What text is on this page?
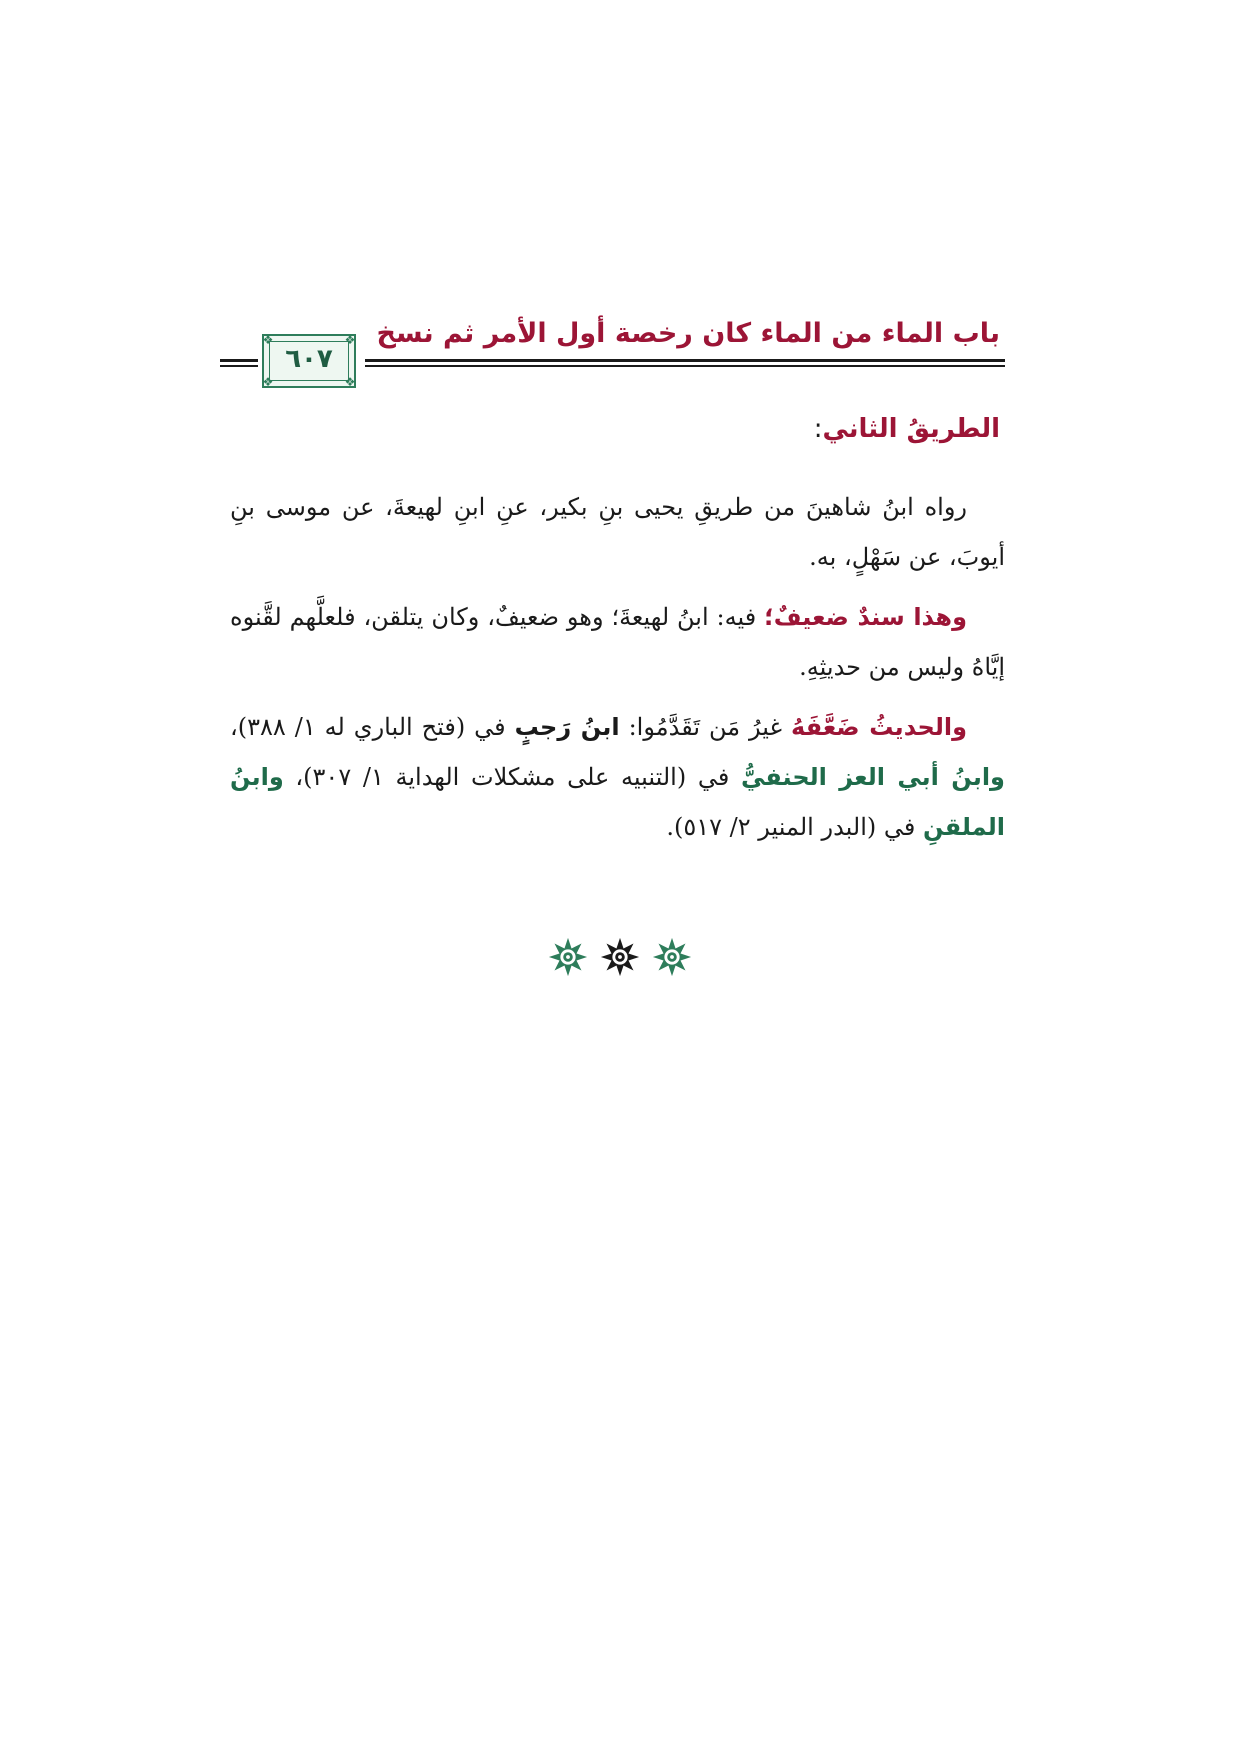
باب الماء من الماء كان رخصة أول الأمر ثم نسخ
❖	❖
❖	❖
٦٠٧
الطريقُ الثاني:

رواه ابنُ شاهينَ من طريقِ يحيى بنِ بكير، عنِ ابنِ لهيعةَ، عن موسى بنِ أيوبَ، عن سَهْلٍ، به.

وهذا سندٌ ضعيفٌ؛ فيه: ابنُ لهيعةَ؛ وهو ضعيفٌ، وكان يتلقن، فلعلَّهم لقَّنوه إيَّاهُ وليس من حديثِهِ.

والحديثُ ضَعَّفَهُ غيرُ مَن تَقَدَّمُوا: ابنُ رَجبٍ في (فتح الباري له ١/ ٣٨٨)، وابنُ أبي العز الحنفيُّ في (التنبيه على مشكلات الهداية ١/ ٣٠٧)، وابنُ الملقنِ في (البدر المنير ٢/ ٥١٧).
